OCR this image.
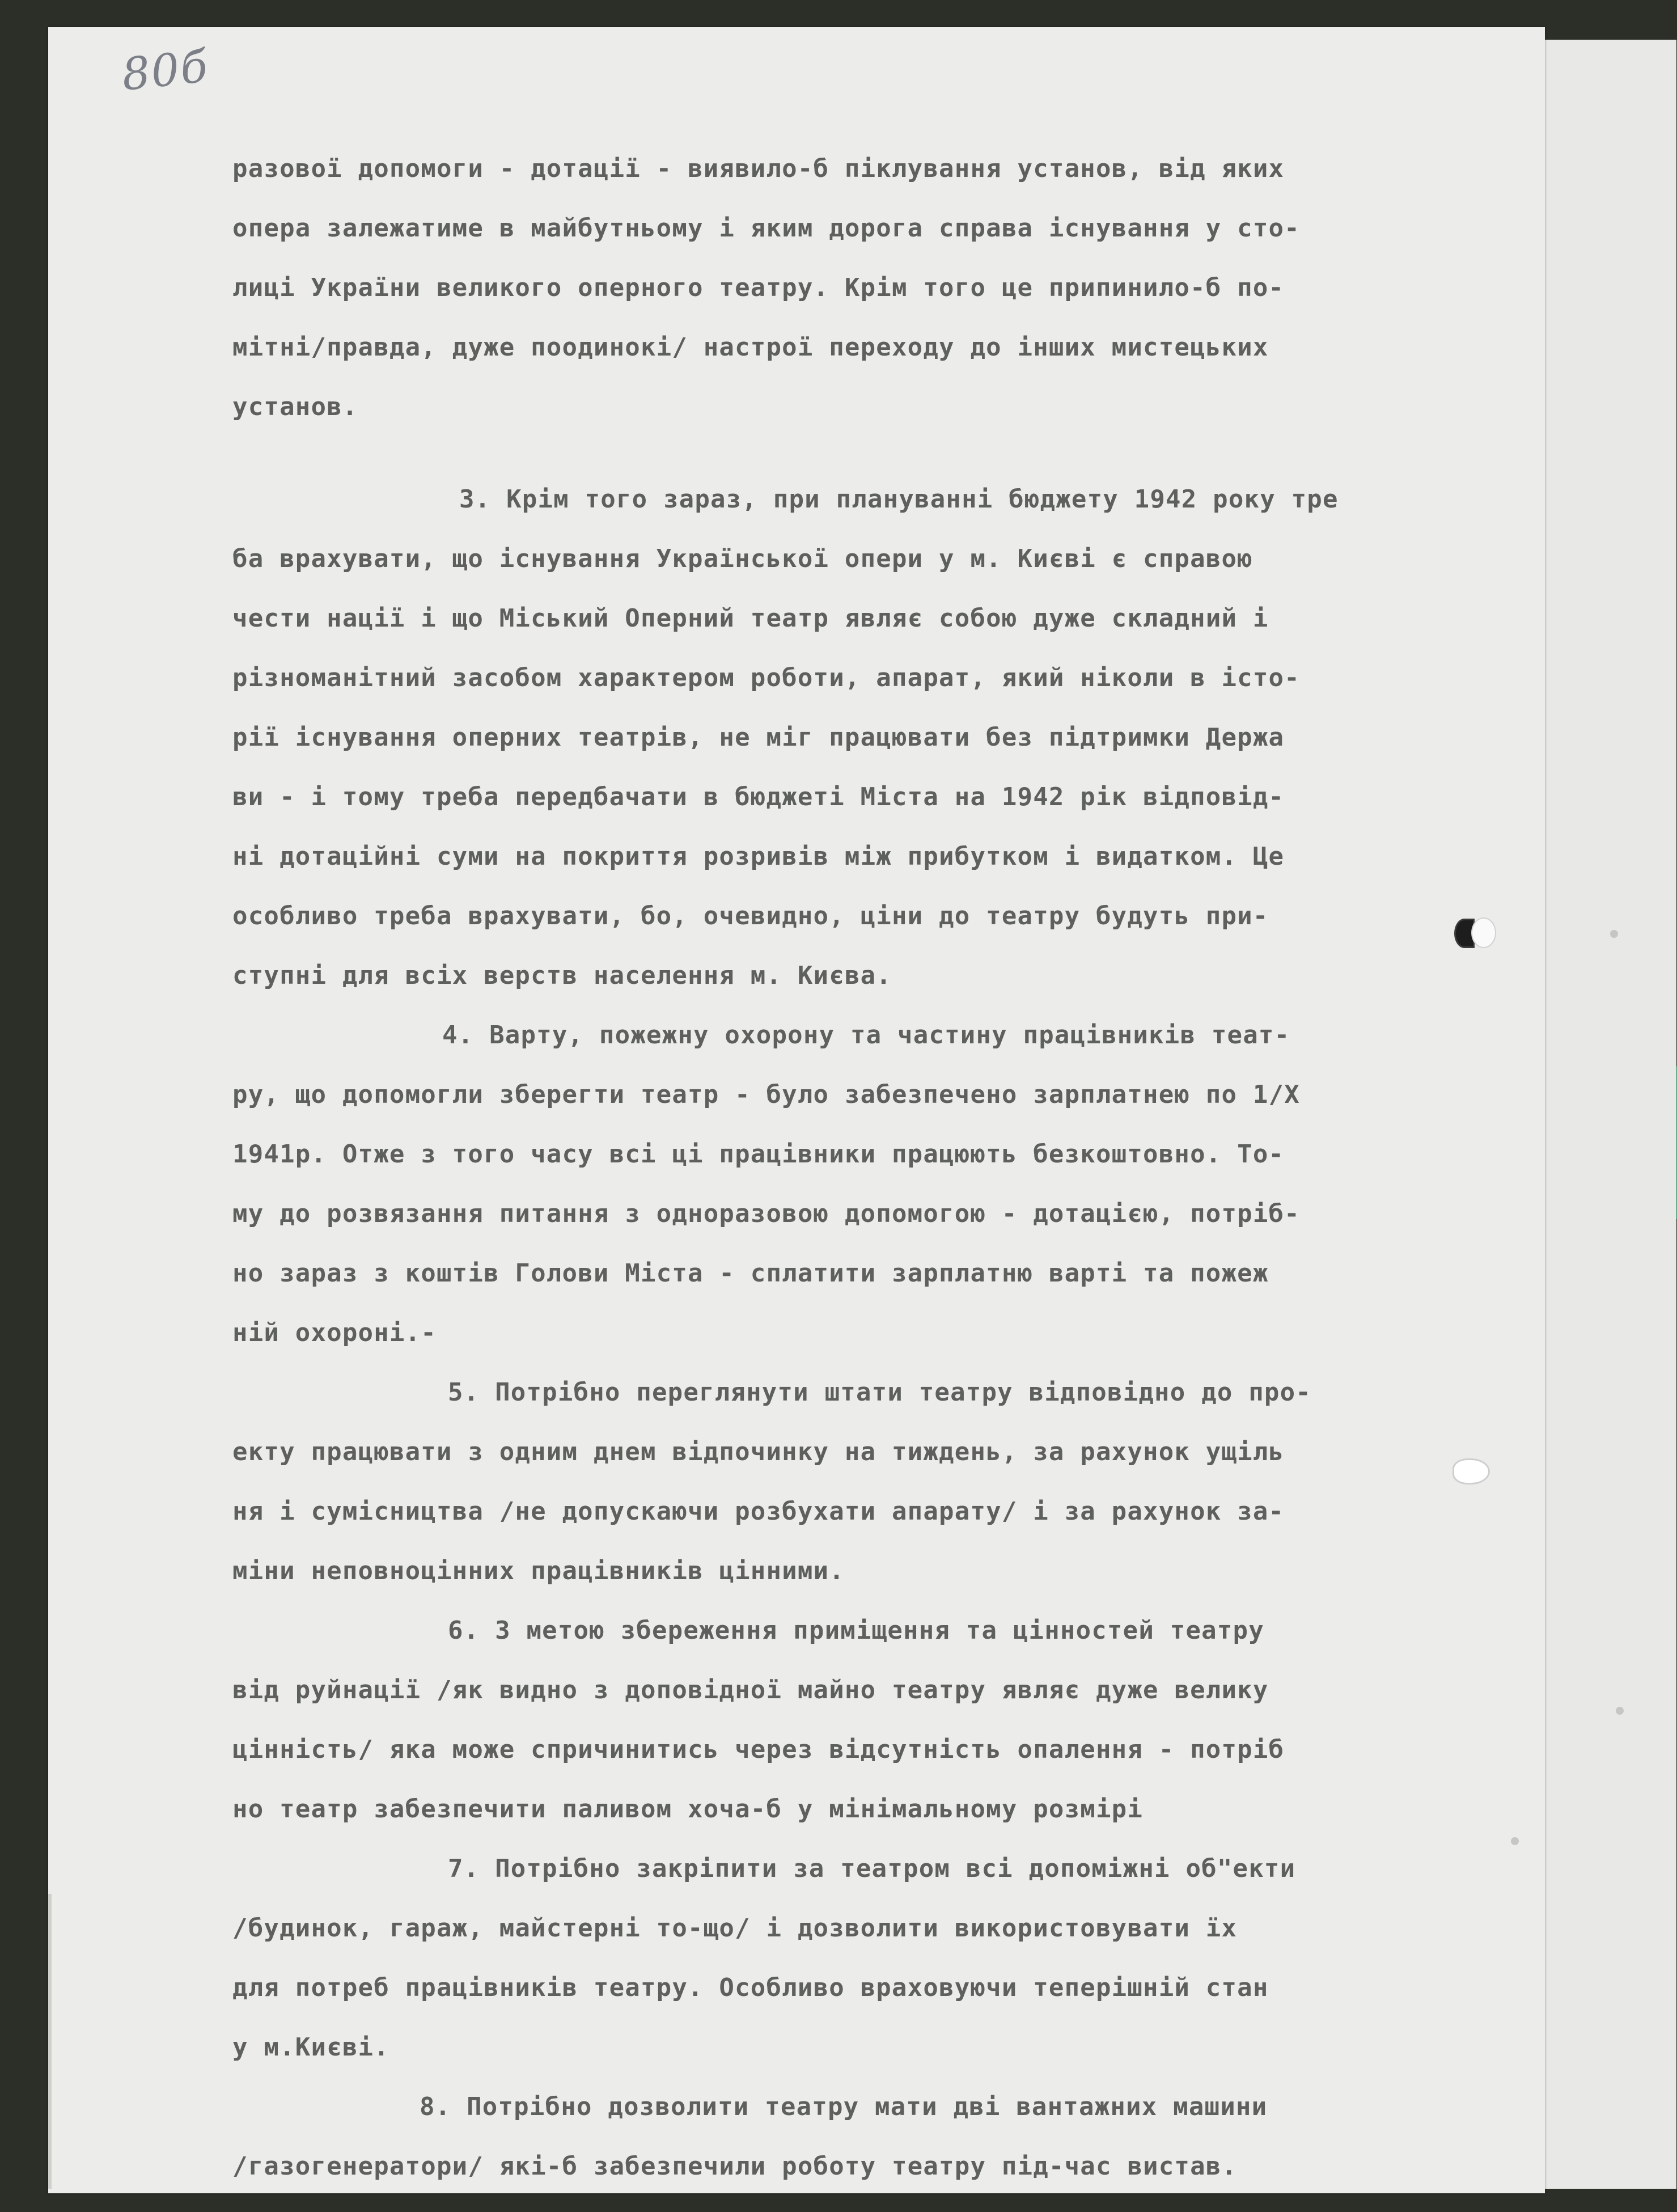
80б
разової допомоги - дотації - виявило-б піклування установ, від яких
опера залежатиме в майбутньому і яким дорога справа існування у сто-
лиці України великого оперного театру. Крім того це припинило-б по-
мітні/правда, дуже поодинокі/ настрої переходу до інших мистецьких
установ.
3. Крім того зараз, при плануванні бюджету 1942 року тре
ба врахувати, що існування Української опери у м. Києві є справою
чести нації і що Міський Оперний театр являє собою дуже складний і
різноманітний засобом характером роботи, апарат, який ніколи в істо-
рії існування оперних театрів, не міг працювати без підтримки Держа
ви - і тому треба передбачати в бюджеті Міста на 1942 рік відповід-
ні дотаційні суми на покриття розривів між прибутком і видатком. Це
особливо треба врахувати, бо, очевидно, ціни до театру будуть при-
ступні для всіх верств населення м. Києва.
4. Варту, пожежну охорону та частину працівників теат-
ру, що допомогли зберегти театр - було забезпечено зарплатнею по 1/Х
1941р. Отже з того часу всі ці працівники працюють безкоштовно. То-
му до розвязання питання з одноразовою допомогою - дотацією, потріб-
но зараз з коштів Голови Міста - сплатити зарплатню варті та пожеж
ній охороні.-
5. Потрібно переглянути штати театру відповідно до про-
екту працювати з одним днем відпочинку на тиждень, за рахунок ущіль
ня і сумісництва /не допускаючи розбухати апарату/ і за рахунок за-
міни неповноцінних працівників цінними.
6. З метою збереження приміщення та цінностей театру
від руйнації /як видно з доповідної майно театру являє дуже велику
цінність/ яка може спричинитись через відсутність опалення - потріб
но театр забезпечити паливом хоча-б у мінімальному розмірі
7. Потрібно закріпити за театром всі допоміжні об"екти
/будинок, гараж, майстерні то-що/ і дозволити використовувати їх
для потреб працівників театру. Особливо враховуючи теперішній стан
у м.Києві.
8. Потрібно дозволити театру мати дві вантажних машини
/газогенератори/ які-б забезпечили роботу театру під-час вистав.
